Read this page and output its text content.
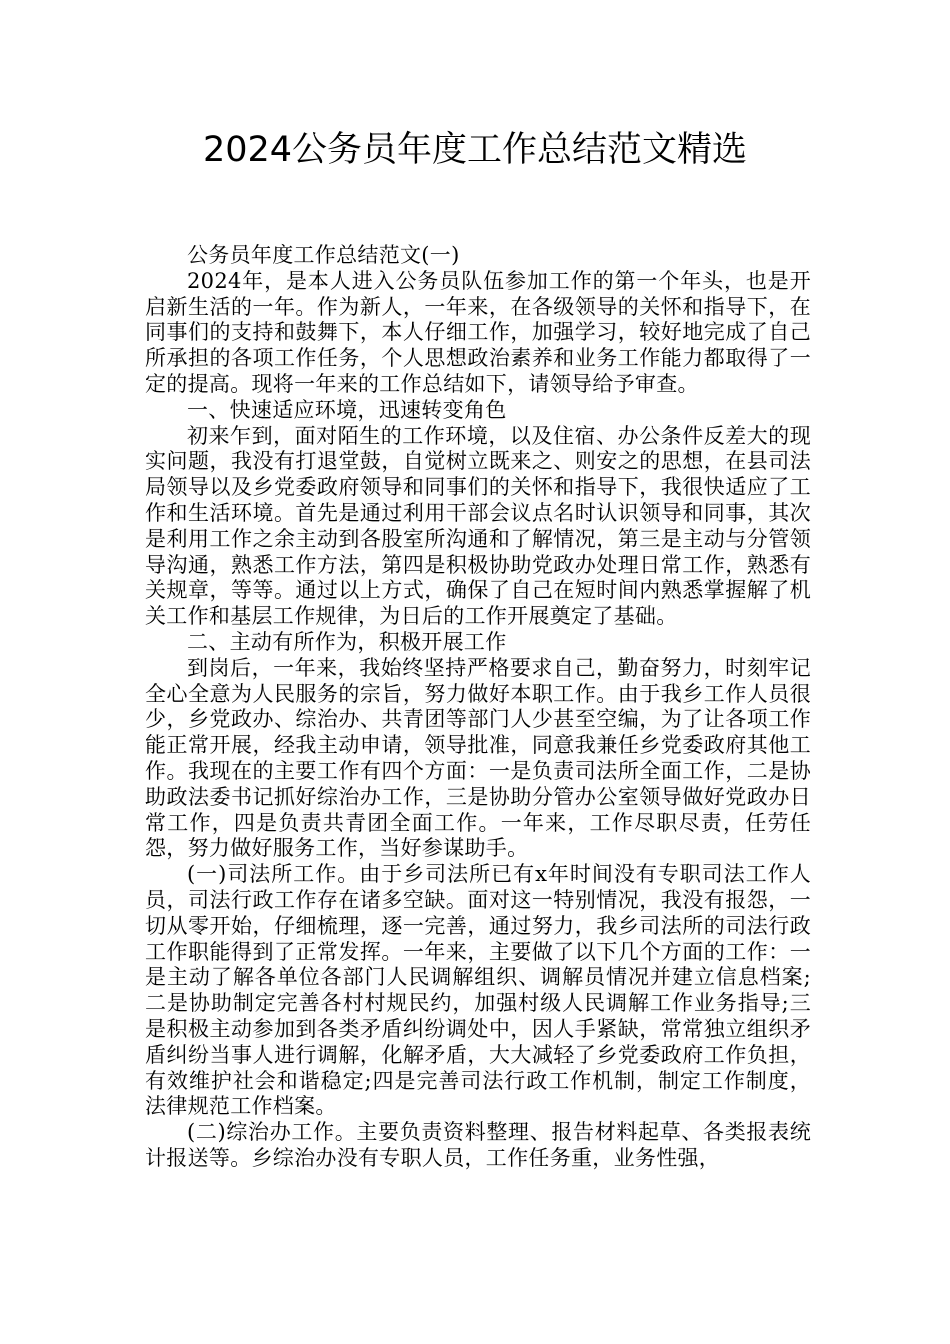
2024公务员年度工作总结范文精选

公务员年度工作总结范文(一)

2024年，是本人进入公务员队伍参加工作的第一个年头，也是开启新生活的一年。作为新人，一年来，在各级领导的关怀和指导下，在同事们的支持和鼓舞下，本人仔细工作，加强学习，较好地完成了自己所承担的各项工作任务，个人思想政治素养和业务工作能力都取得了一定的提高。现将一年来的工作总结如下，请领导给予审查。

一、快速适应环境，迅速转变角色

初来乍到，面对陌生的工作环境，以及住宿、办公条件反差大的现实问题，我没有打退堂鼓，自觉树立既来之、则安之的思想，在县司法局领导以及乡党委政府领导和同事们的关怀和指导下，我很快适应了工作和生活环境。首先是通过利用干部会议点名时认识领导和同事，其次是利用工作之余主动到各股室所沟通和了解情况，第三是主动与分管领导沟通，熟悉工作方法，第四是积极协助党政办处理日常工作，熟悉有关规章，等等。通过以上方式，确保了自己在短时间内熟悉掌握解了机关工作和基层工作规律，为日后的工作开展奠定了基础。

二、主动有所作为，积极开展工作

到岗后，一年来，我始终坚持严格要求自己，勤奋努力，时刻牢记全心全意为人民服务的宗旨，努力做好本职工作。由于我乡工作人员很少，乡党政办、综治办、共青团等部门人少甚至空编，为了让各项工作能正常开展，经我主动申请，领导批准，同意我兼任乡党委政府其他工作。我现在的主要工作有四个方面：一是负责司法所全面工作，二是协助政法委书记抓好综治办工作，三是协助分管办公室领导做好党政办日常工作，四是负责共青团全面工作。一年来，工作尽职尽责，任劳任怨，努力做好服务工作，当好参谋助手。

(一)司法所工作。由于乡司法所已有x年时间没有专职司法工作人员，司法行政工作存在诸多空缺。面对这一特别情况，我没有报怨，一切从零开始，仔细梳理，逐一完善，通过努力，我乡司法所的司法行政工作职能得到了正常发挥。一年来，主要做了以下几个方面的工作：一是主动了解各单位各部门人民调解组织、调解员情况并建立信息档案;二是协助制定完善各村村规民约，加强村级人民调解工作业务指导;三是积极主动参加到各类矛盾纠纷调处中，因人手紧缺，常常独立组织矛盾纠纷当事人进行调解，化解矛盾，大大减轻了乡党委政府工作负担，有效维护社会和谐稳定;四是完善司法行政工作机制，制定工作制度，法律规范工作档案。

(二)综治办工作。主要负责资料整理、报告材料起草、各类报表统计报送等。乡综治办没有专职人员，工作任务重，业务性强，
